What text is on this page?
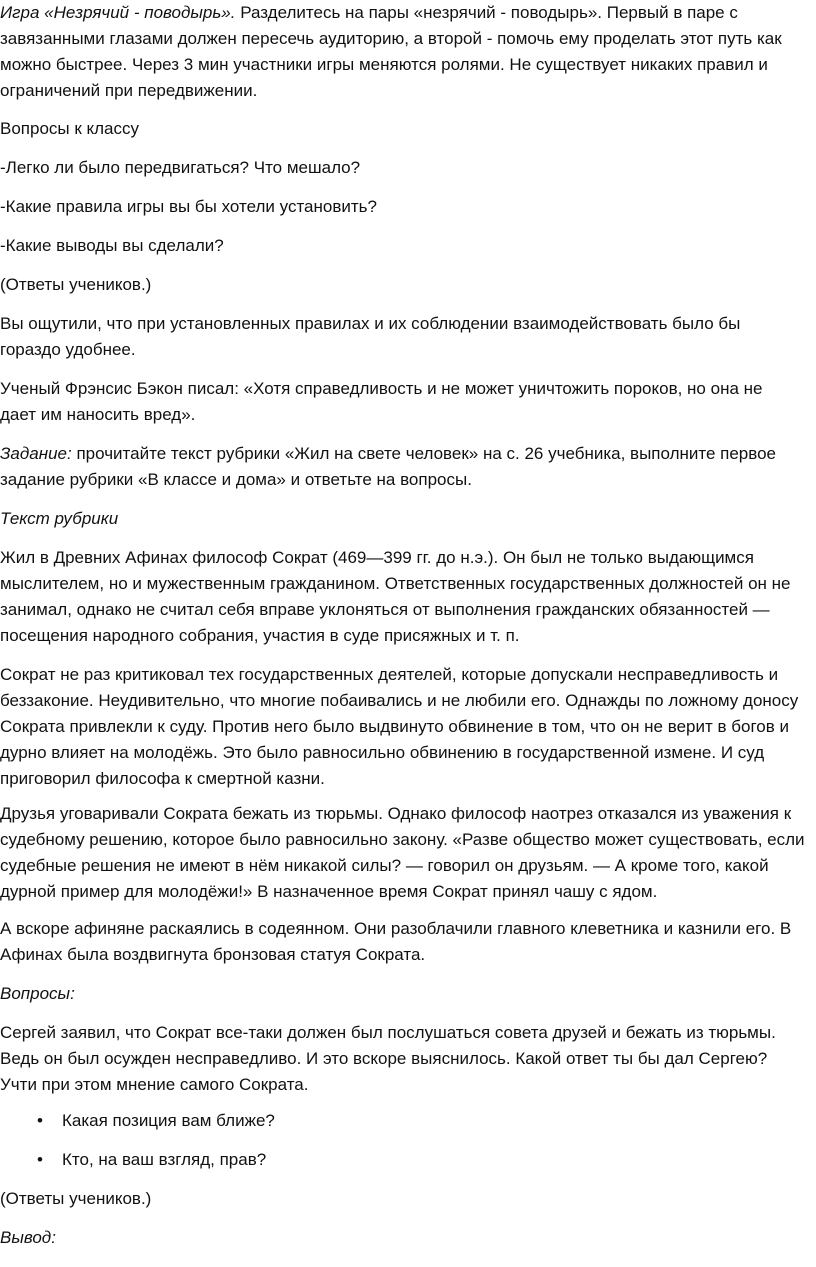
Игра «Незрячий - поводырь». Разделитесь на пары «незрячий - поводырь». Первый в паре с завязанными глазами должен пересечь аудиторию, а второй - помочь ему проделать этот путь как можно быстрее. Через 3 мин участники игры меняются ролями. Не существует никаких правил и ограничений при передвижении.

Вопросы к классу

-Легко ли было передвигаться? Что мешало?

-Какие правила игры вы бы хотели установить?

-Какие выводы вы сделали?

(Ответы учеников.)

Вы ощутили, что при установленных правилах и их соблюдении взаимодействовать было бы гораздо удобнее.

Ученый Фрэнсис Бэкон писал: «Хотя справедливость и не может уничтожить пороков, но она не дает им наносить вред».

Задание: прочитайте текст рубрики «Жил на свете человек» на с. 26 учебника, выполните первое задание рубрики «В классе и дома» и ответьте на вопросы.

Текст рубрики

Жил в Древних Афинах философ Сократ (469—399 гг. до н.э.). Он был не только выдающимся мыслителем, но и мужественным гражданином. Ответственных государственных должностей он не занимал, однако не считал себя вправе уклоняться от выполнения гражданских обязанностей — посещения народного собрания, участия в суде присяжных и т. п.

Сократ не раз критиковал тех государственных деятелей, которые допускали несправедливость и беззаконие. Неудивительно, что многие побаивались и не любили его. Однажды по ложному доносу Сократа привлекли к суду. Против него было выдвинуто обвинение в том, что он не верит в богов и дурно влияет на молодёжь. Это было равносильно обвинению в государственной измене. И суд приговорил философа к смертной казни.

Друзья уговаривали Сократа бежать из тюрьмы. Однако философ наотрез отказался из уважения к судебному решению, которое было равносильно закону. «Разве общество может существовать, если судебные решения не имеют в нём никакой силы? — говорил он друзьям. — А кроме того, какой дурной пример для молодёжи!» В назначенное время Сократ принял чашу с ядом.

А вскоре афиняне раскаялись в содеянном. Они разоблачили главного клеветника и казнили его. В Афинах была воздвигнута бронзовая статуя Сократа.

Вопросы:

Сергей заявил, что Сократ все-таки должен был послушаться совета друзей и бежать из тюрьмы. Ведь он был осужден несправедливо. И это вскоре выяснилось. Какой ответ ты бы дал Сергею? Учти при этом мнение самого Сократа.

•	Какая позиция вам ближе?
•	Кто, на ваш взгляд, прав?

(Ответы учеников.)

Вывод:
